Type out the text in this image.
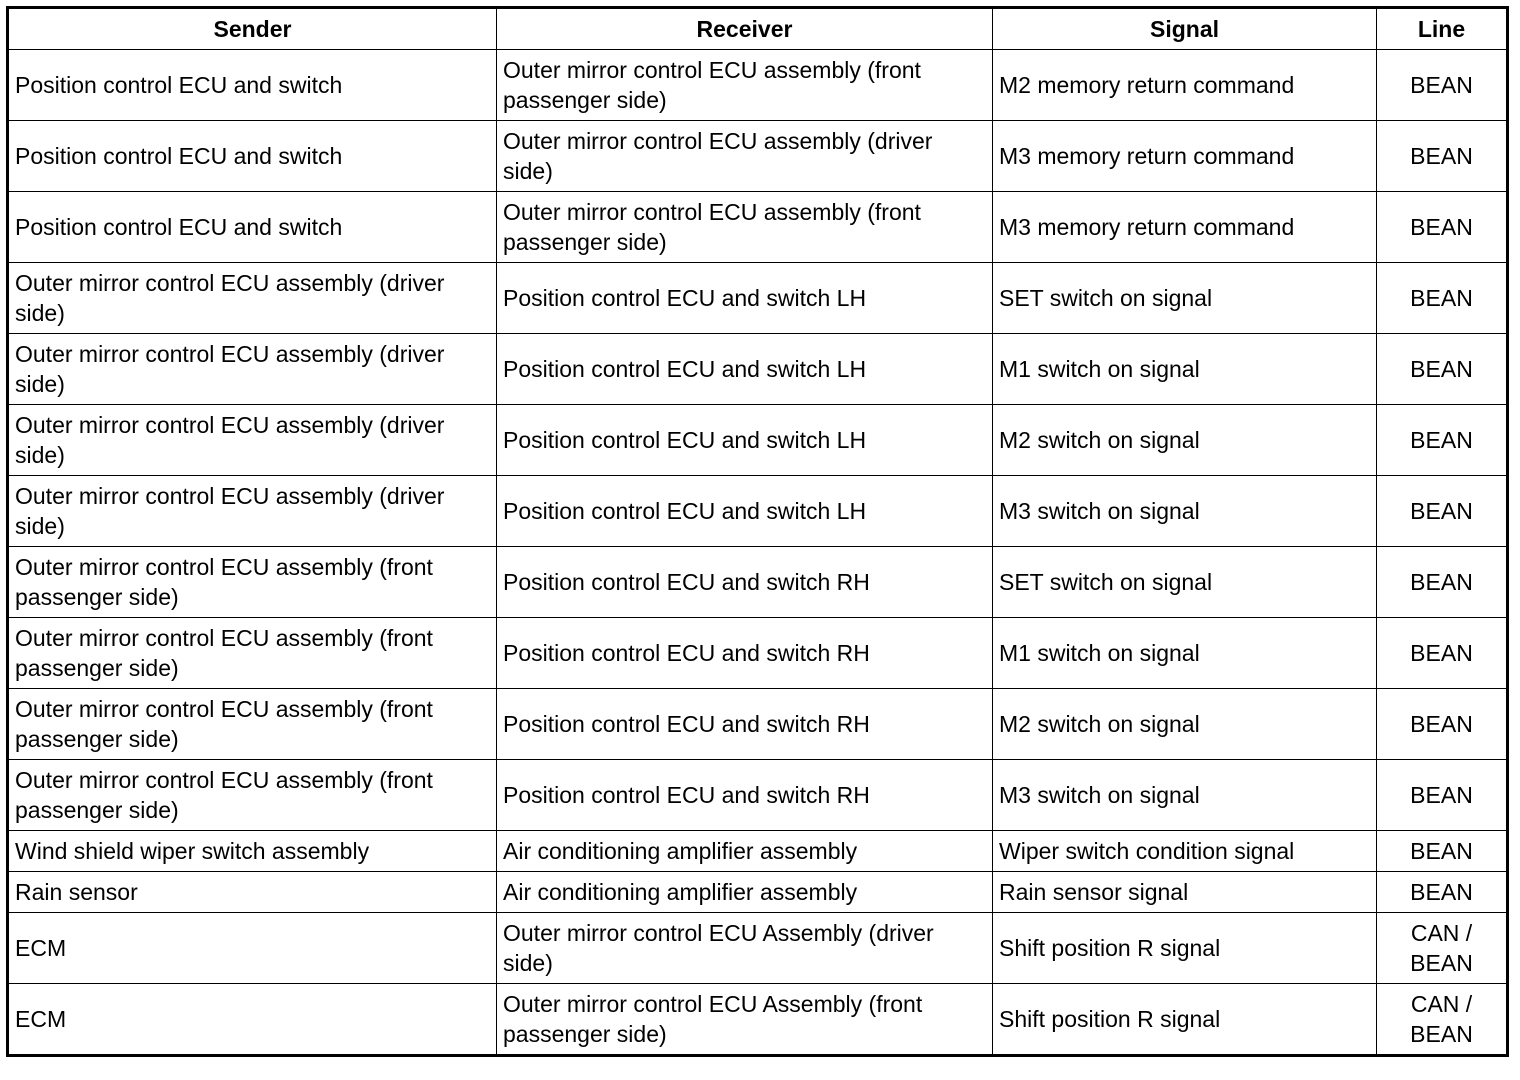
Sender	Receiver	Signal	Line
Position control ECU and switch	Outer mirror control ECU assembly (front passenger side)	M2 memory return command	BEAN
Position control ECU and switch	Outer mirror control ECU assembly (driver side)	M3 memory return command	BEAN
Position control ECU and switch	Outer mirror control ECU assembly (front passenger side)	M3 memory return command	BEAN
Outer mirror control ECU assembly (driver side)	Position control ECU and switch LH	SET switch on signal	BEAN
Outer mirror control ECU assembly (driver side)	Position control ECU and switch LH	M1 switch on signal	BEAN
Outer mirror control ECU assembly (driver side)	Position control ECU and switch LH	M2 switch on signal	BEAN
Outer mirror control ECU assembly (driver side)	Position control ECU and switch LH	M3 switch on signal	BEAN
Outer mirror control ECU assembly (front passenger side)	Position control ECU and switch RH	SET switch on signal	BEAN
Outer mirror control ECU assembly (front passenger side)	Position control ECU and switch RH	M1 switch on signal	BEAN
Outer mirror control ECU assembly (front passenger side)	Position control ECU and switch RH	M2 switch on signal	BEAN
Outer mirror control ECU assembly (front passenger side)	Position control ECU and switch RH	M3 switch on signal	BEAN
Wind shield wiper switch assembly	Air conditioning amplifier assembly	Wiper switch condition signal	BEAN
Rain sensor	Air conditioning amplifier assembly	Rain sensor signal	BEAN
ECM	Outer mirror control ECU Assembly (driver side)	Shift position R signal	CAN / BEAN
ECM	Outer mirror control ECU Assembly (front passenger side)	Shift position R signal	CAN / BEAN
